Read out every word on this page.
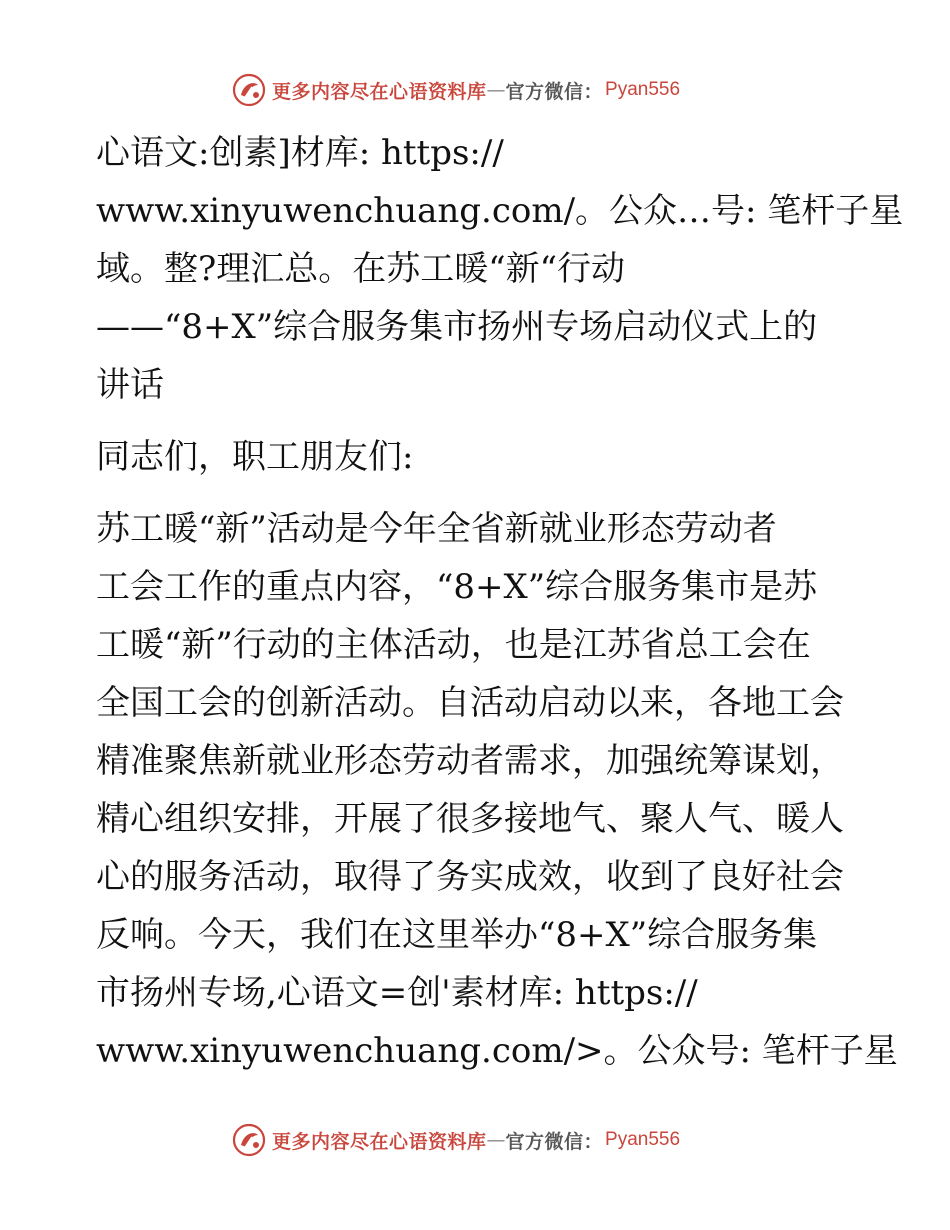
更多内容尽在心语资料库 — 官方微信： Pyan556
心语文:创素]材库: https://
www.xinyuwenchuang.com/。公众…号: 笔杆子星
域。整?理汇总。在苏工暖“新“行动
——“8+X”综合服务集市扬州专场启动仪式上的
讲话
同志们，职工朋友们:
苏工暖“新”活动是今年全省新就业形态劳动者
工会工作的重点内容，“8+X”综合服务集市是苏
工暖“新”行动的主体活动，也是江苏省总工会在
全国工会的创新活动。自活动启动以来，各地工会
精准聚焦新就业形态劳动者需求，加强统筹谋划，
精心组织安排，开展了很多接地气、聚人气、暖人
心的服务活动，取得了务实成效，收到了良好社会
反响。今天，我们在这里举办“8+X”综合服务集
市扬州专场,心语文=创'素材库: https://
www.xinyuwenchuang.com/>。公众号: 笔杆子星
更多内容尽在心语资料库 — 官方微信： Pyan556
